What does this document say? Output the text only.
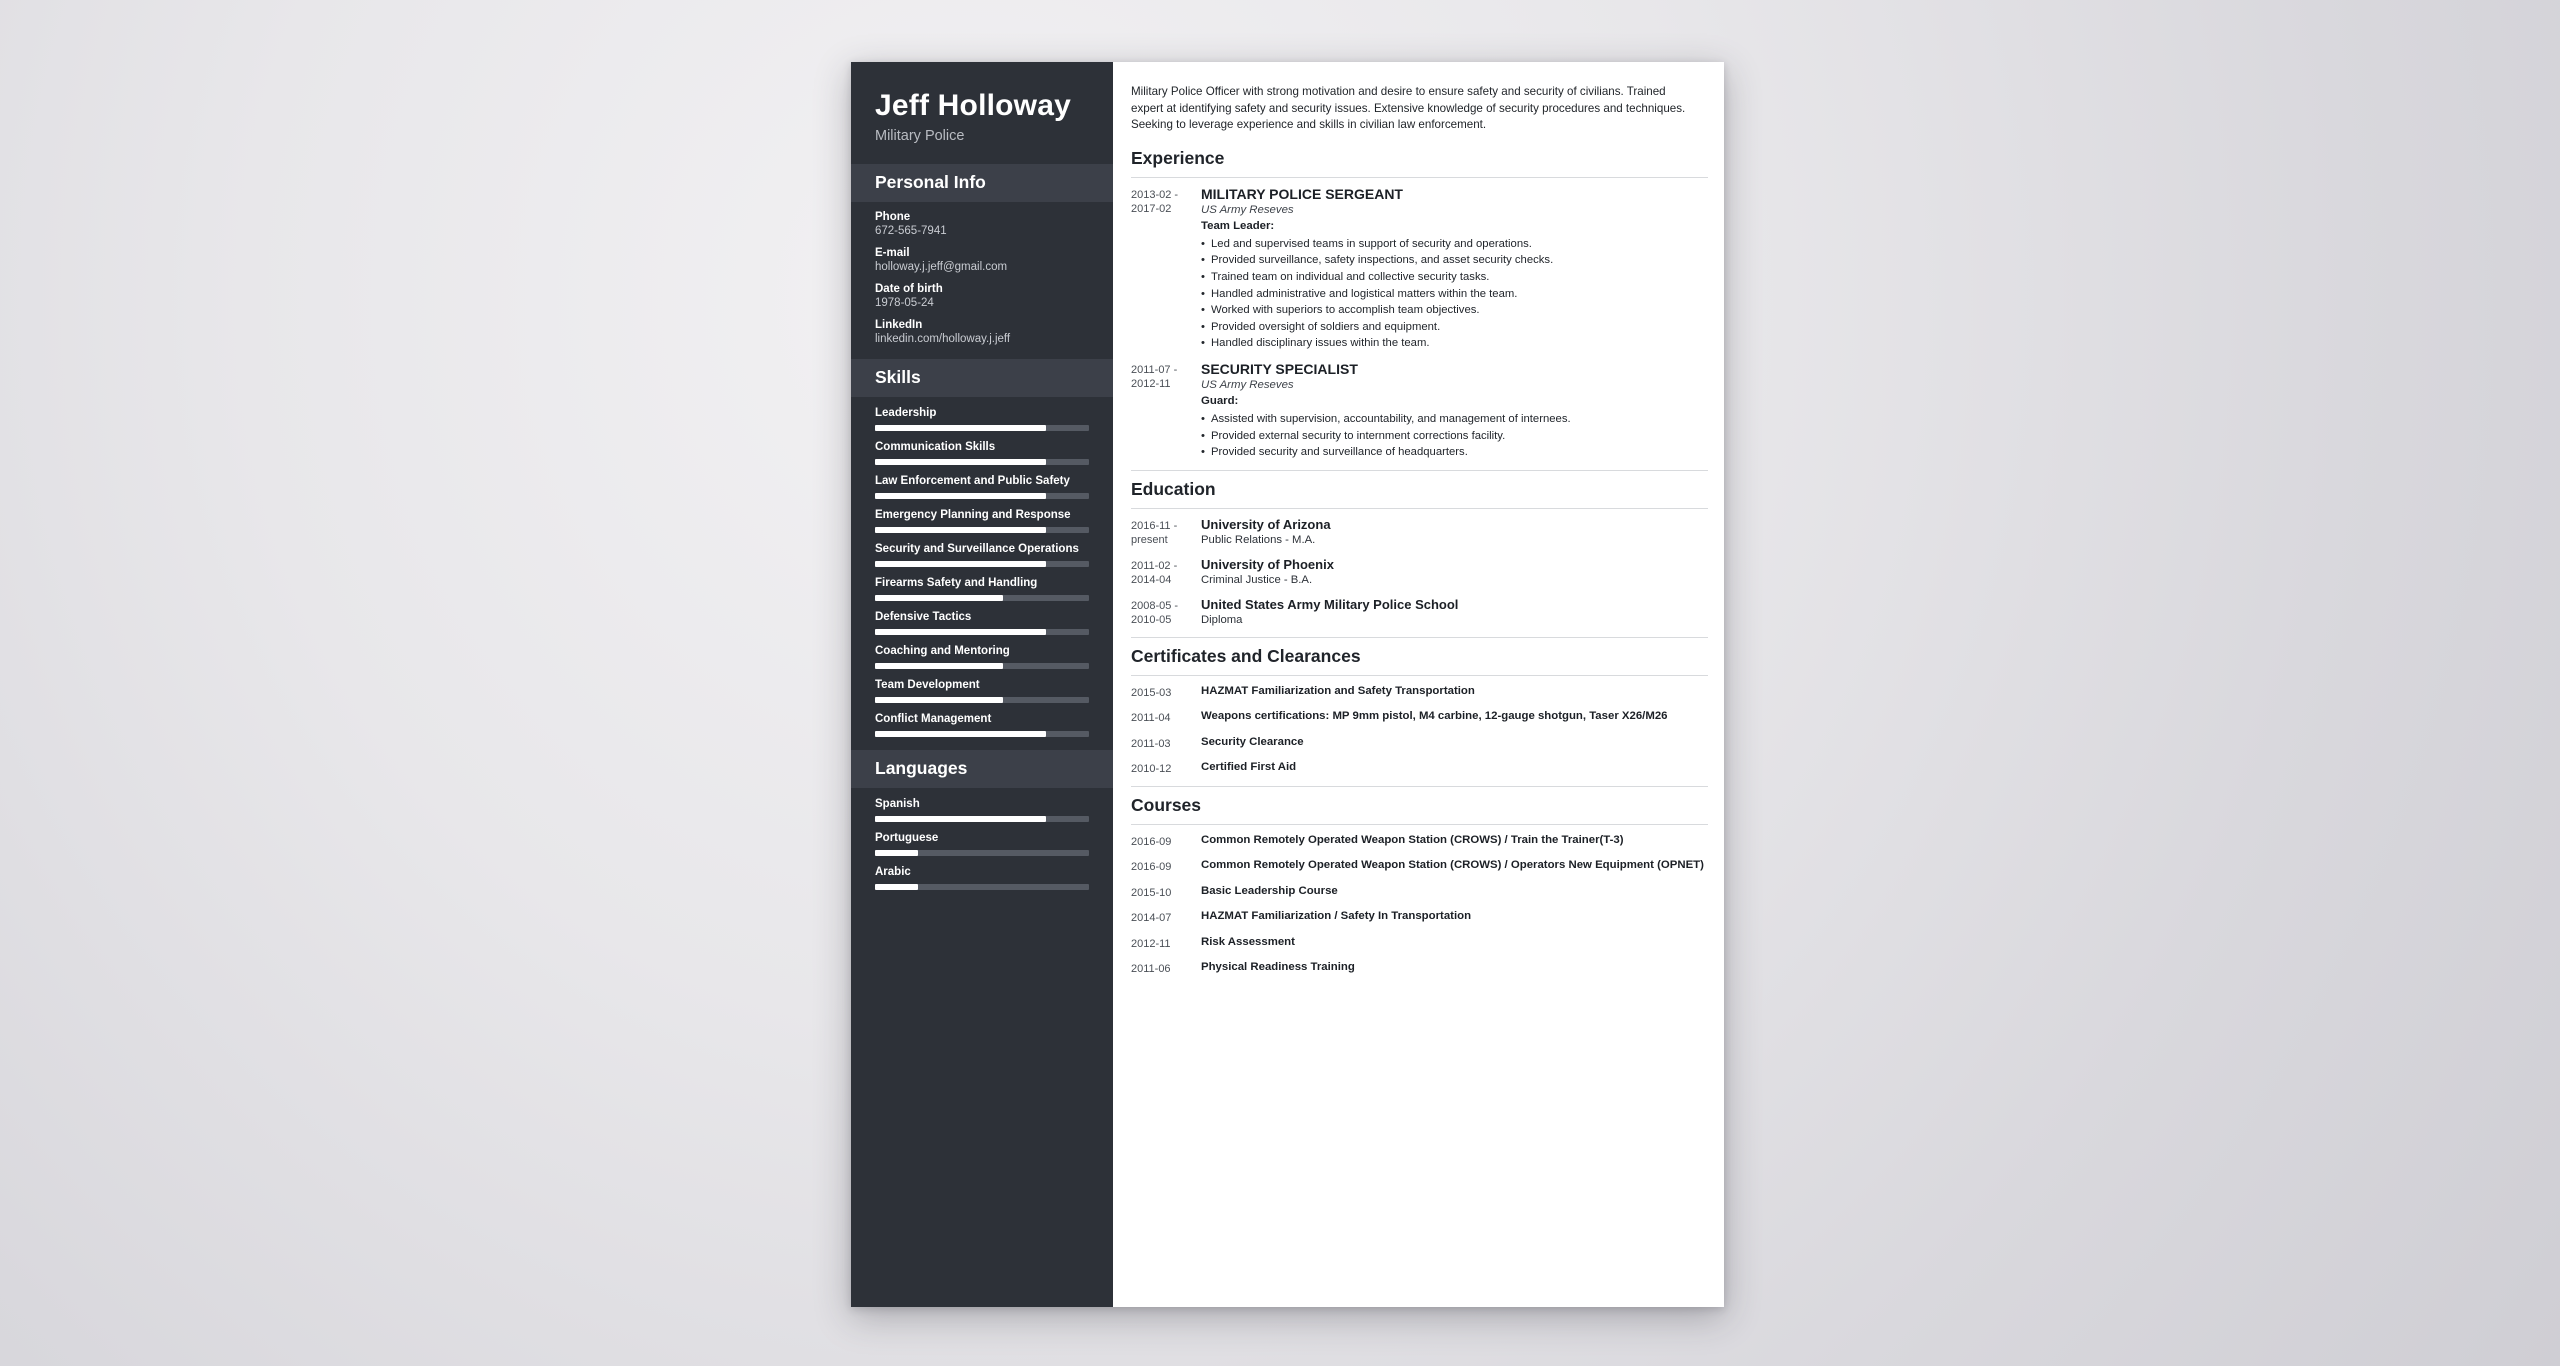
Jeff Holloway
Military Police
Personal Info
Phone
672-565-7941
E-mail
holloway.j.jeff@gmail.com
Date of birth
1978-05-24
LinkedIn
linkedin.com/holloway.j.jeff
Skills
Leadership
Communication Skills
Law Enforcement and Public Safety
Emergency Planning and Response
Security and Surveillance Operations
Firearms Safety and Handling
Defensive Tactics
Coaching and Mentoring
Team Development
Conflict Management
Languages
Spanish
Portuguese
Arabic

Military Police Officer with strong motivation and desire to ensure safety and security of civilians. Trained expert at identifying safety and security issues. Extensive knowledge of security procedures and techniques. Seeking to leverage experience and skills in civilian law enforcement.

Experience
2013-02 - 2017-02
MILITARY POLICE SERGEANT
US Army Reseves
Team Leader:
• Led and supervised teams in support of security and operations.
• Provided surveillance, safety inspections, and asset security checks.
• Trained team on individual and collective security tasks.
• Handled administrative and logistical matters within the team.
• Worked with superiors to accomplish team objectives.
• Provided oversight of soldiers and equipment.
• Handled disciplinary issues within the team.
2011-07 - 2012-11
SECURITY SPECIALIST
US Army Reseves
Guard:
• Assisted with supervision, accountability, and management of internees.
• Provided external security to internment corrections facility.
• Provided security and surveillance of headquarters.
Education
2016-11 - present
University of Arizona
Public Relations - M.A.
2011-02 - 2014-04
University of Phoenix
Criminal Justice - B.A.
2008-05 - 2010-05
United States Army Military Police School
Diploma
Certificates and Clearances
2015-03	HAZMAT Familiarization and Safety Transportation
2011-04	Weapons certifications: MP 9mm pistol, M4 carbine, 12-gauge shotgun, Taser X26/M26
2011-03	Security Clearance
2010-12	Certified First Aid
Courses
2016-09	Common Remotely Operated Weapon Station (CROWS) / Train the Trainer(T-3)
2016-09	Common Remotely Operated Weapon Station (CROWS) / Operators New Equipment (OPNET)
2015-10	Basic Leadership Course
2014-07	HAZMAT Familiarization / Safety In Transportation
2012-11	Risk Assessment
2011-06	Physical Readiness Training
